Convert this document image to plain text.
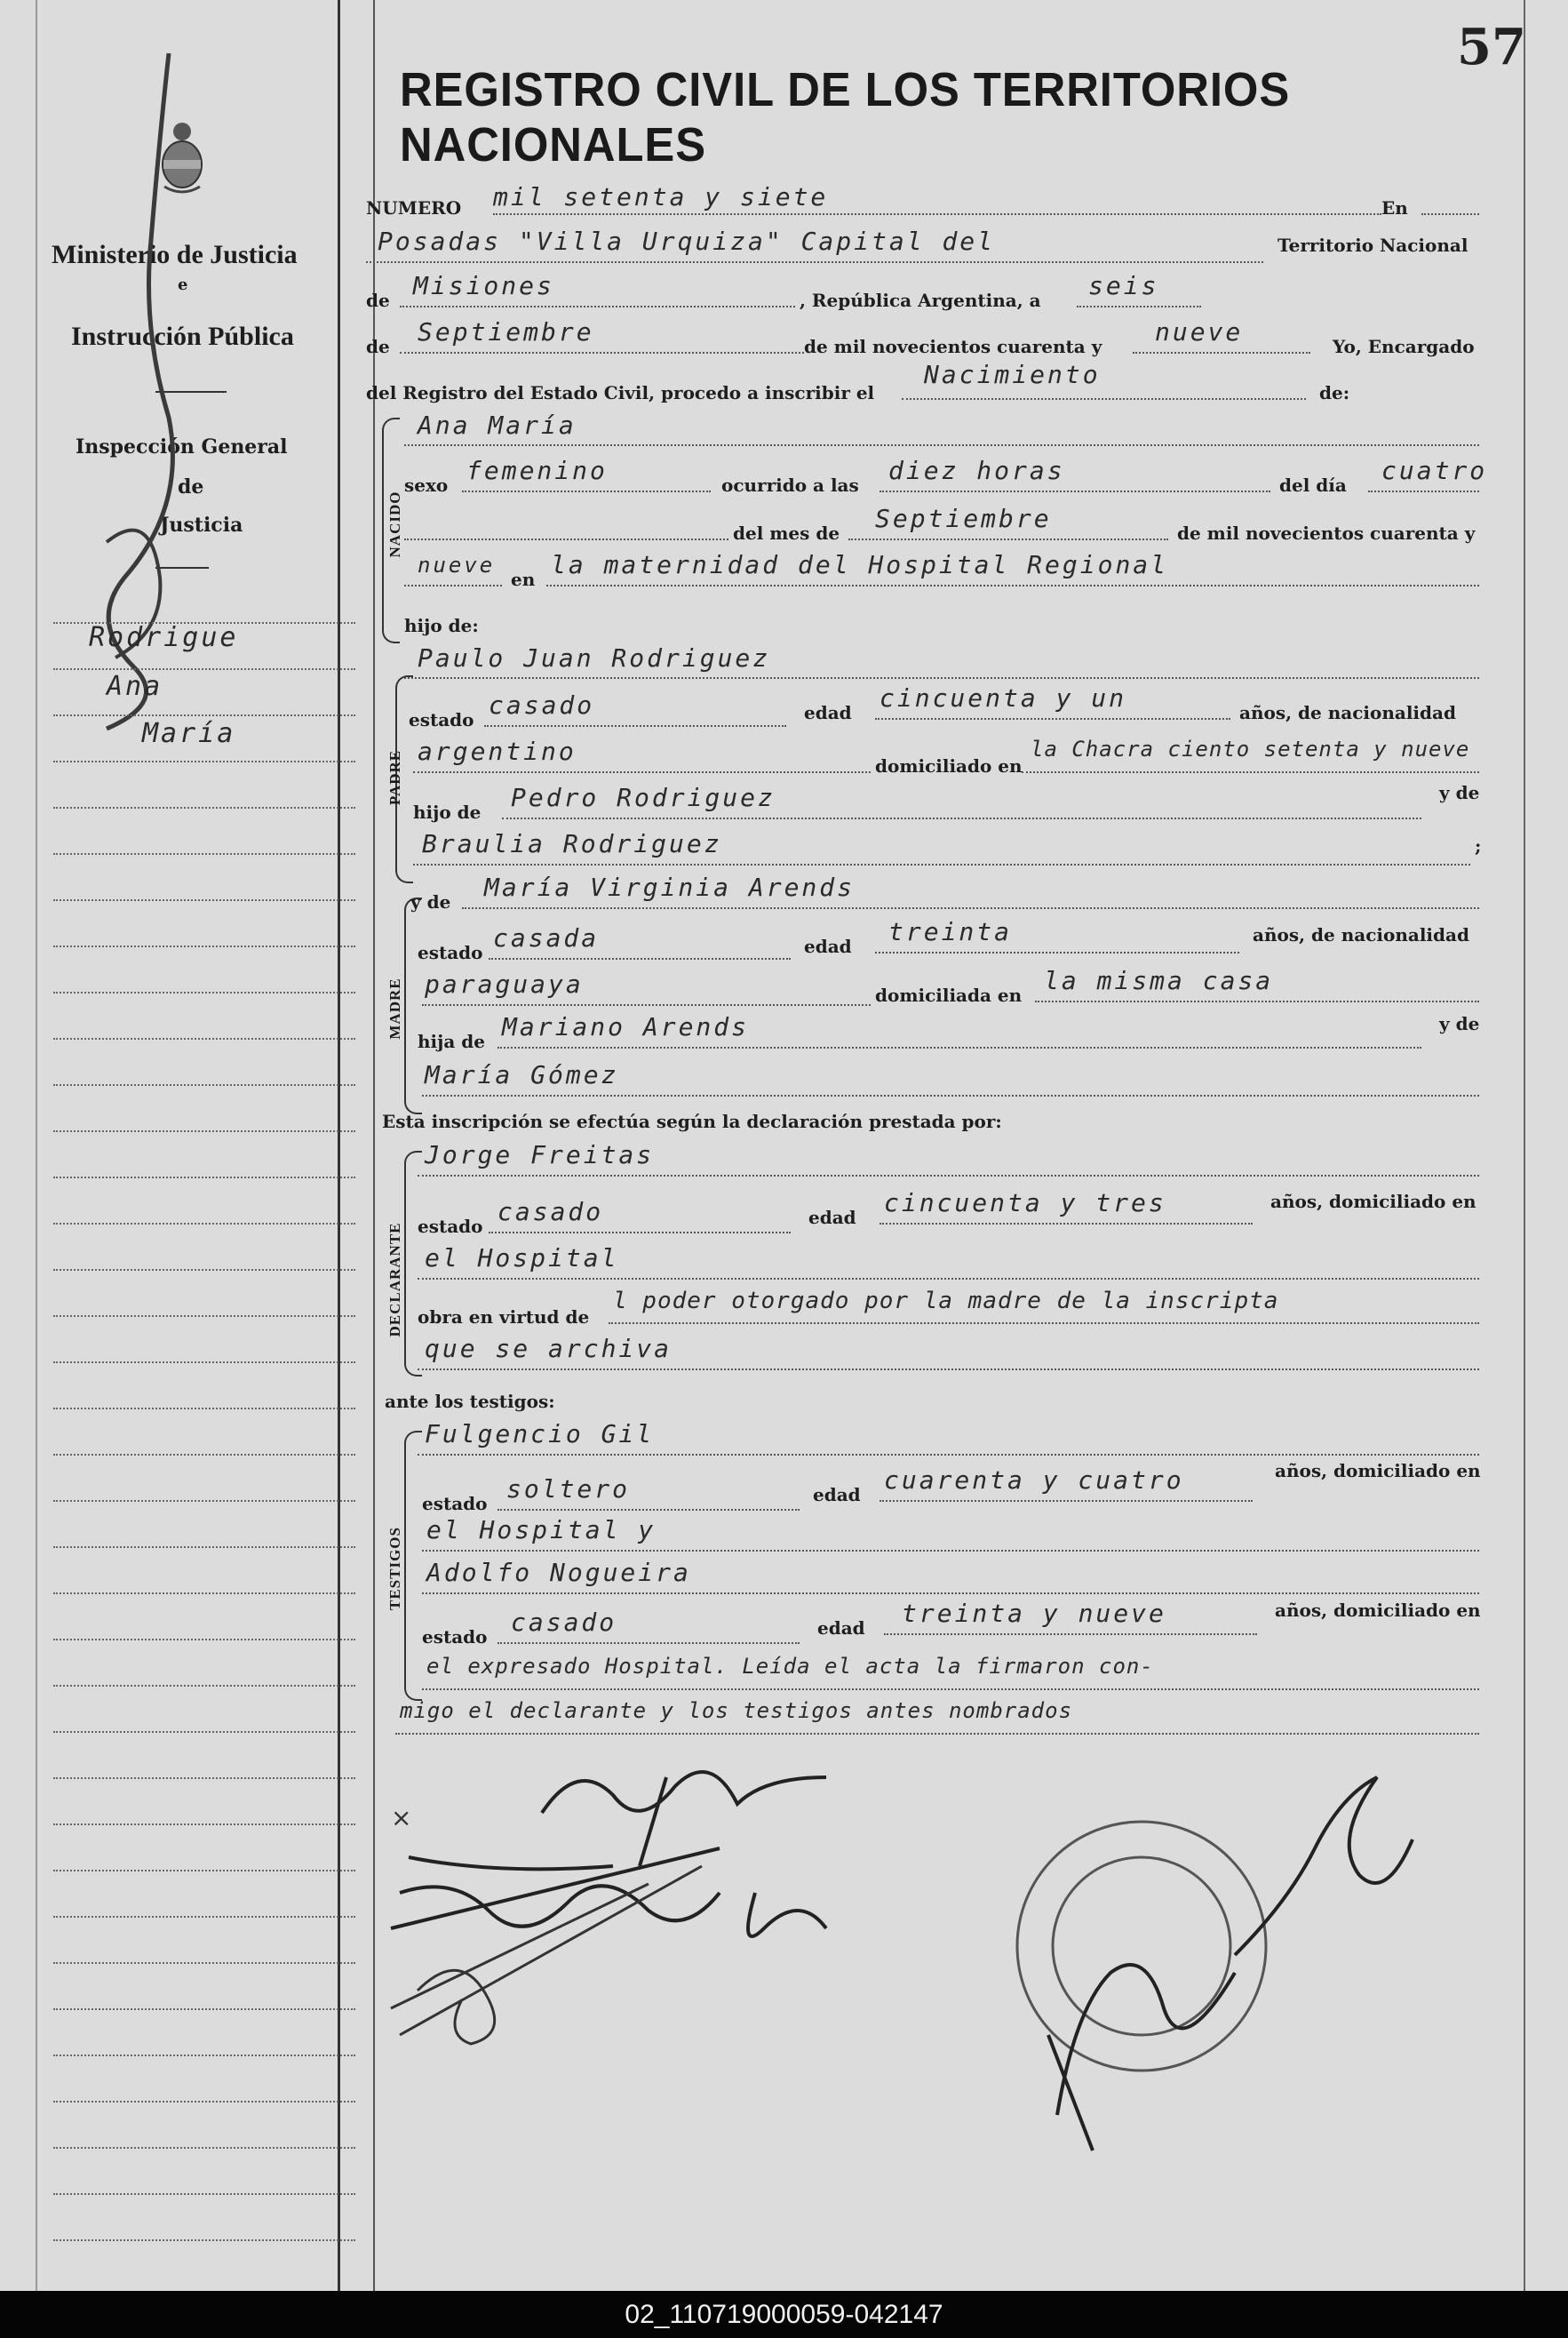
Ministerio de Justicia
e
Instrucción Pública
Inspección General
de
Justicia
Rodrigue
Ana
María
57
REGISTRO CIVIL DE LOS TERRITORIOS NACIONALES
NUMERO mil setenta y siete	En
Posadas "Villa Urquiza" Capital del	Territorio Nacional
de Misiones	, República Argentina, a seis
de Septiembre	de mil novecientos cuarenta y nueve	Yo, Encargado
del Registro del Estado Civil, procedo a inscribir el
Nacimiento
de:
NACIDO
Ana María
sexo femenino	ocurrido a las diez horas	del día cuatro
del mes de Septiembre	de mil novecientos cuarenta y
nueve
en la maternidad del Hospital Regional
hijo de:
Paulo Juan Rodriguez
PADRE
estado casado	edad cincuenta y un	años, de nacionalidad
argentino	domiciliado en
la Chacra ciento setenta y nueve
hijo de Pedro Rodriguez	y de
Braulia Rodriguez	;
MADRE
y de María Virginia Arends
estado casada	edad treinta	años, de nacionalidad
paraguaya	domiciliada en la misma casa
hija de Mariano Arends	y de
María Gómez
Esta inscripción se efectúa según la declaración prestada por:
DECLARANTE
Jorge Freitas
estado casado	edad cincuenta y tres	años, domiciliado en
el Hospital
obra en virtud de
l poder otorgado por la madre de la inscripta
que se archiva
ante los testigos:
TESTIGOS
Fulgencio Gil
estado soltero	edad cuarenta y cuatro	años, domiciliado en
el Hospital y
Adolfo Nogueira
estado casado	edad treinta y nueve	años, domiciliado en
el expresado Hospital. Leída el acta la firmaron con-
migo el declarante y los testigos antes nombrados
×
02_110719000059-042147
